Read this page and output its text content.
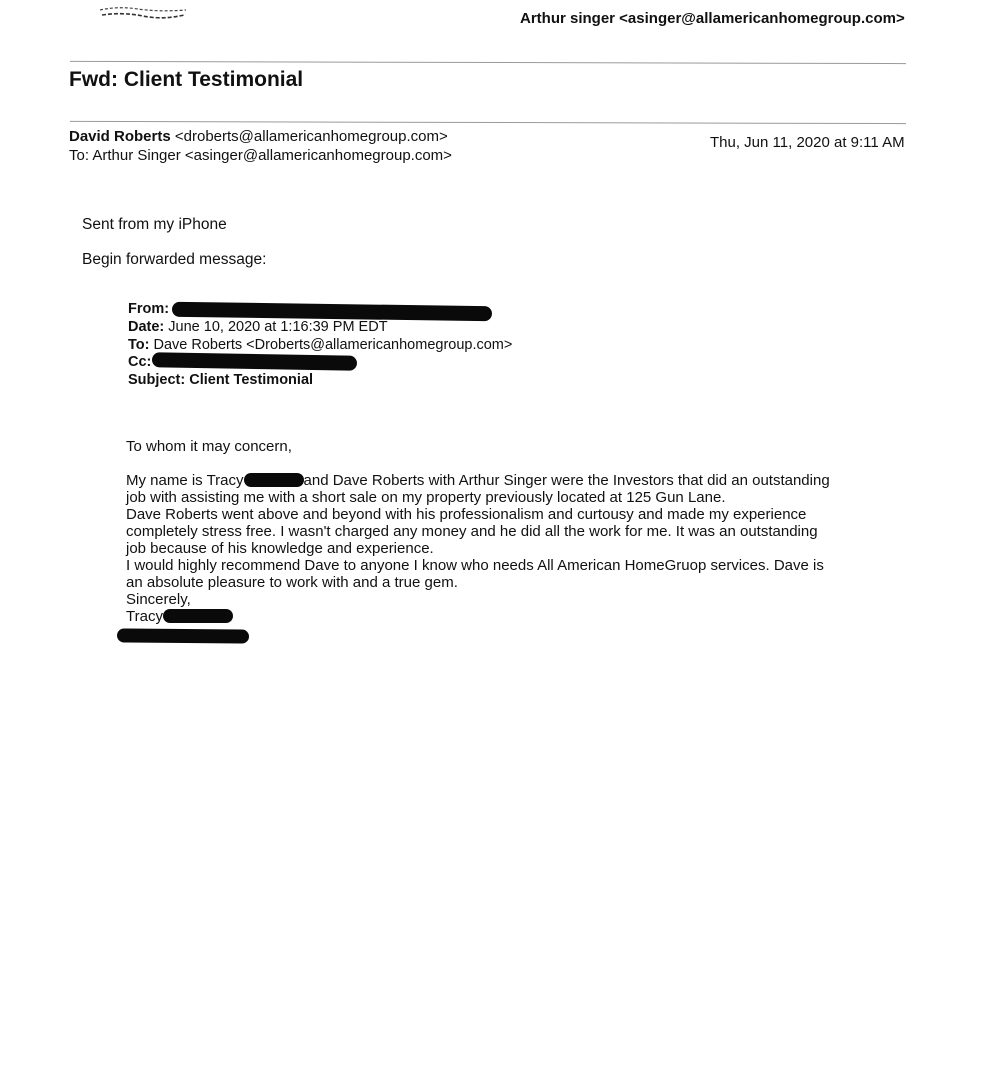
Arthur singer <asinger@allamericanhomegroup.com>
Fwd: Client Testimonial
David Roberts <droberts@allamericanhomegroup.com>
To: Arthur Singer <asinger@allamericanhomegroup.com>
Thu, Jun 11, 2020 at 9:11 AM
Sent from my iPhone
Begin forwarded message:
From:
Date: June 10, 2020 at 1:16:39 PM EDT
To: Dave Roberts <Droberts@allamericanhomegroup.com>
Cc:
Subject: Client Testimonial
To whom it may concern,

My name is Tracy	and Dave Roberts with Arthur Singer were the Investors that did an outstanding job with assisting me with a short sale on my property previously located at 125 Gun Lane.

Dave Roberts went above and beyond with his professionalism and curtousy and made my experience completely stress free. I wasn't charged any money and he did all the work for me. It was an outstanding job because of his knowledge and experience.

I would highly recommend Dave to anyone I know who needs All American HomeGruop services. Dave is an absolute pleasure to work with and a true gem.

Sincerely,

Tracy
